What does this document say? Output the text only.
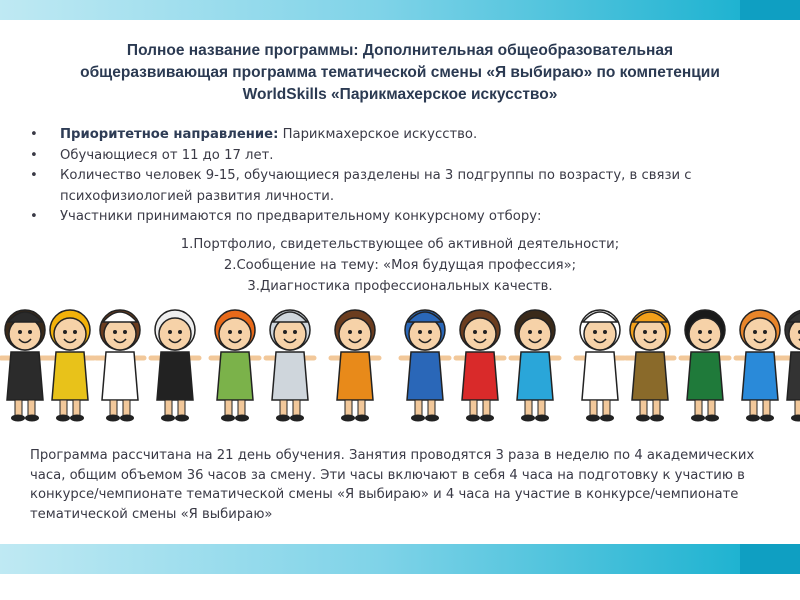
Полное название программы: Дополнительная общеобразовательная
общеразвивающая программа тематической смены «Я выбираю» по компетенции
WorldSkills «Парикмахерское искусство»
• Приоритетное направление: Парикмахерское искусство.
• Обучающиеся от 11 до 17 лет.
• Количество человек 9-15, обучающиеся разделены на 3 подгруппы по возрасту, в связи с психофизиологией развития личности.
• Участники принимаются по предварительному конкурсному отбору:
1.Портфолио, свидетельствующее об активной деятельности;
2.Сообщение на тему: «Моя будущая профессия»;
3.Диагностика профессиональных качеств.
Программа рассчитана на 21 день обучения. Занятия проводятся 3 раза в неделю по 4 академических часа, общим объемом 36 часов за смену. Эти часы включают в себя 4 часа на подготовку к участию в конкурсе/чемпионате тематической смены «Я выбираю» и 4 часа на участие в конкурсе/чемпионате тематической смены «Я выбираю»
